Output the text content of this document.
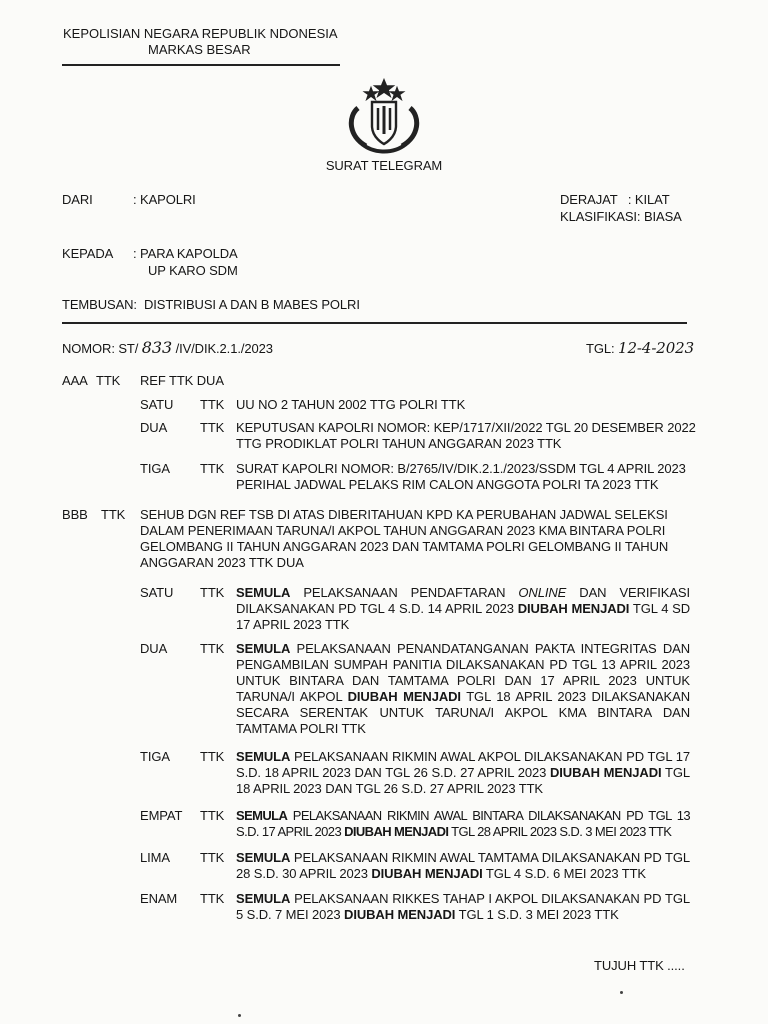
KEPOLISIAN NEGARA REPUBLIK NDONESIA
MARKAS BESAR
SURAT TELEGRAM
DARI	: KAPOLRI	DERAJAT   : KILAT
KLASIFIKASI: BIASA
KEPADA : PARA KAPOLDA
UP KARO SDM
TEMBUSAN:  DISTRIBUSI A DAN B MABES POLRI
NOMOR: ST/ 833 /IV/DIK.2.1./2023	TGL: 12-4-2023
AAA TTK REF TTK DUA
SATU TTK UU NO 2 TAHUN 2002 TTG POLRI TTK
DUA	TTK KEPUTUSAN KAPOLRI NOMOR: KEP/1717/XII/2022 TGL 20 DESEMBER 2022
TTG PRODIKLAT POLRI TAHUN ANGGARAN 2023 TTK
TIGA TTK SURAT KAPOLRI NOMOR: B/2765/IV/DIK.2.1./2023/SSDM TGL 4 APRIL 2023
PERIHAL JADWAL PELAKS RIM CALON ANGGOTA POLRI TA 2023 TTK
BBB TTK SEHUB DGN REF TSB DI ATAS DIBERITAHUAN KPD KA PERUBAHAN JADWAL SELEKSI
DALAM PENERIMAAN TARUNA/I AKPOL TAHUN ANGGARAN 2023 KMA BINTARA POLRI
GELOMBANG II TAHUN ANGGARAN 2023 DAN TAMTAMA POLRI GELOMBANG II TAHUN
ANGGARAN 2023 TTK DUA
SATU TTK SEMULA PELAKSANAAN PENDAFTARAN ONLINE DAN VERIFIKASI DILAKSANAKAN PD TGL 4 S.D. 14 APRIL 2023 DIUBAH MENJADI TGL 4 SD 17 APRIL 2023 TTK
DUA	TTK SEMULA PELAKSANAAN PENANDATANGANAN PAKTA INTEGRITAS DAN PENGAMBILAN SUMPAH PANITIA DILAKSANAKAN PD TGL 13 APRIL 2023 UNTUK BINTARA DAN TAMTAMA POLRI DAN 17 APRIL 2023 UNTUK TARUNA/I AKPOL DIUBAH MENJADI TGL 18 APRIL 2023 DILAKSANAKAN SECARA SERENTAK UNTUK TARUNA/I AKPOL KMA BINTARA DAN TAMTAMA POLRI TTK
TIGA TTK SEMULA PELAKSANAAN RIKMIN AWAL AKPOL DILAKSANAKAN PD TGL 17 S.D. 18 APRIL 2023 DAN TGL 26 S.D. 27 APRIL 2023 DIUBAH MENJADI TGL 18 APRIL 2023 DAN TGL 26 S.D. 27 APRIL 2023 TTK
EMPAT TTK SEMULA PELAKSANAAN RIKMIN AWAL BINTARA DILAKSANAKAN PD TGL 13 S.D. 17 APRIL 2023 DIUBAH MENJADI TGL 28 APRIL 2023 S.D. 3 MEI 2023 TTK
LIMA TTK SEMULA PELAKSANAAN RIKMIN AWAL TAMTAMA DILAKSANAKAN PD TGL 28 S.D. 30 APRIL 2023 DIUBAH MENJADI TGL 4 S.D. 6 MEI 2023 TTK
ENAM TTK SEMULA PELAKSANAAN RIKKES TAHAP I AKPOL DILAKSANAKAN PD TGL 5 S.D. 7 MEI 2023 DIUBAH MENJADI TGL 1 S.D. 3 MEI 2023 TTK
TUJUH TTK .....
